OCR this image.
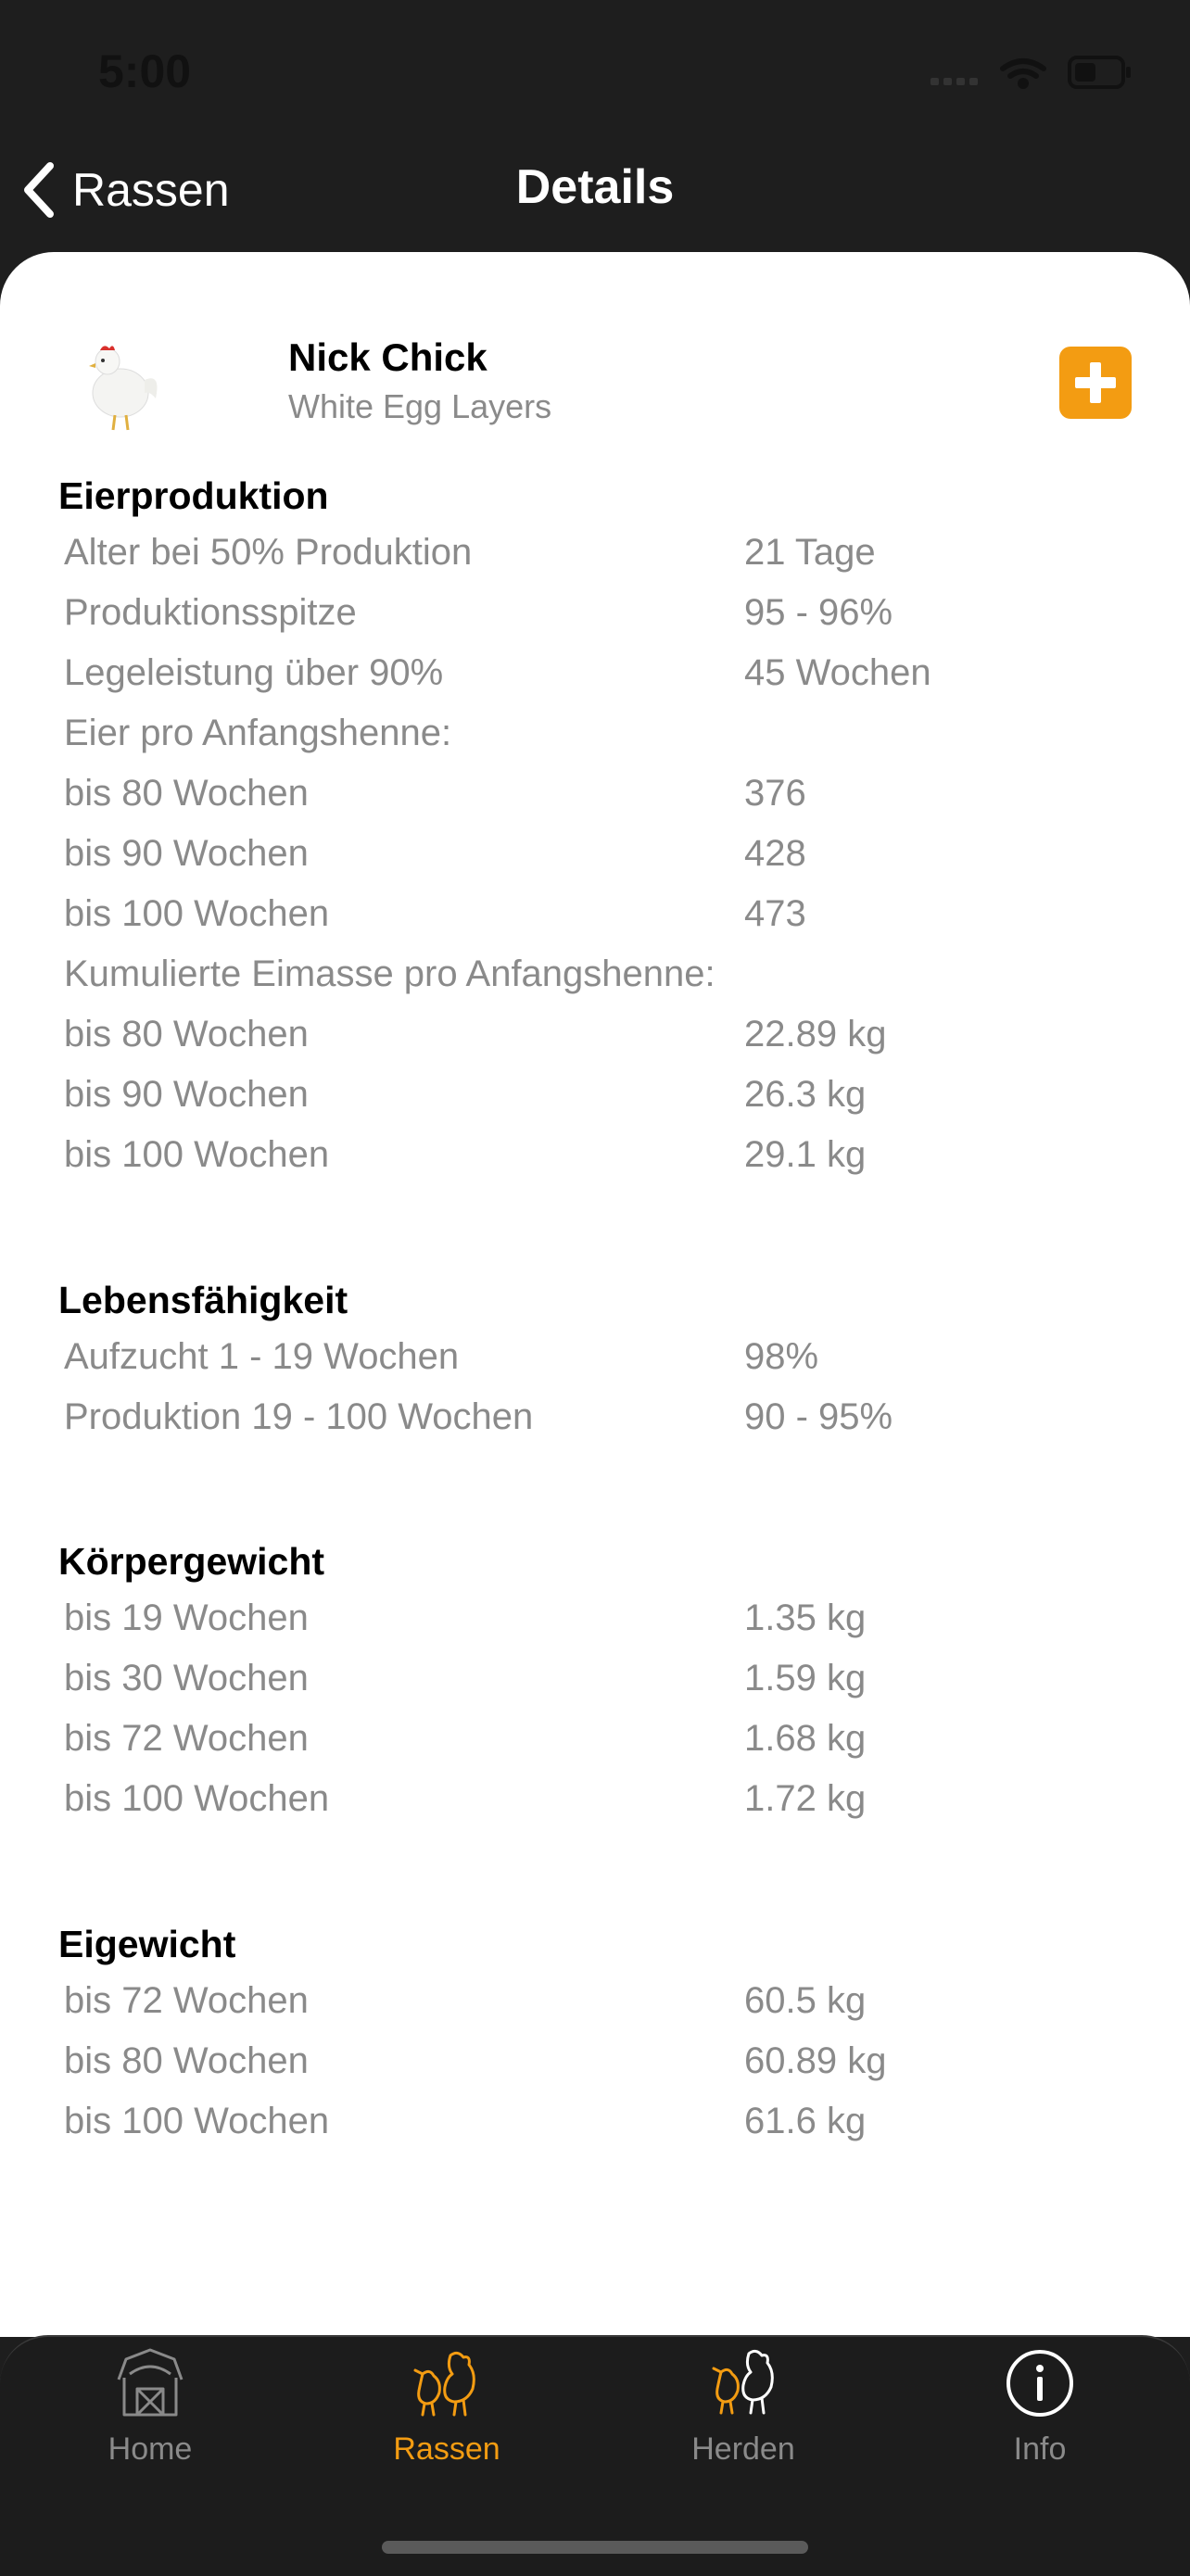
5:00
Rassen	Details
Nick Chick
White Egg Layers
Eierproduktion
Alter bei 50% Produktion	21 Tage
Produktionsspitze	95 - 96%
Legeleistung über 90%	45 Wochen
Eier pro Anfangshenne:
bis 80 Wochen	376
bis 90 Wochen	428
bis 100 Wochen	473
Kumulierte Eimasse pro Anfangshenne:
bis 80 Wochen	22.89 kg
bis 90 Wochen	26.3 kg
bis 100 Wochen	29.1 kg
Lebensfähigkeit
Aufzucht 1 - 19 Wochen	98%
Produktion 19 - 100 Wochen	90 - 95%
Körpergewicht
bis 19 Wochen	1.35 kg
bis 30 Wochen	1.59 kg
bis 72 Wochen	1.68 kg
bis 100 Wochen	1.72 kg
Eigewicht
bis 72 Wochen	60.5 kg
bis 80 Wochen	60.89 kg
bis 100 Wochen	61.6 kg
Home	Rassen	Herden	Info
